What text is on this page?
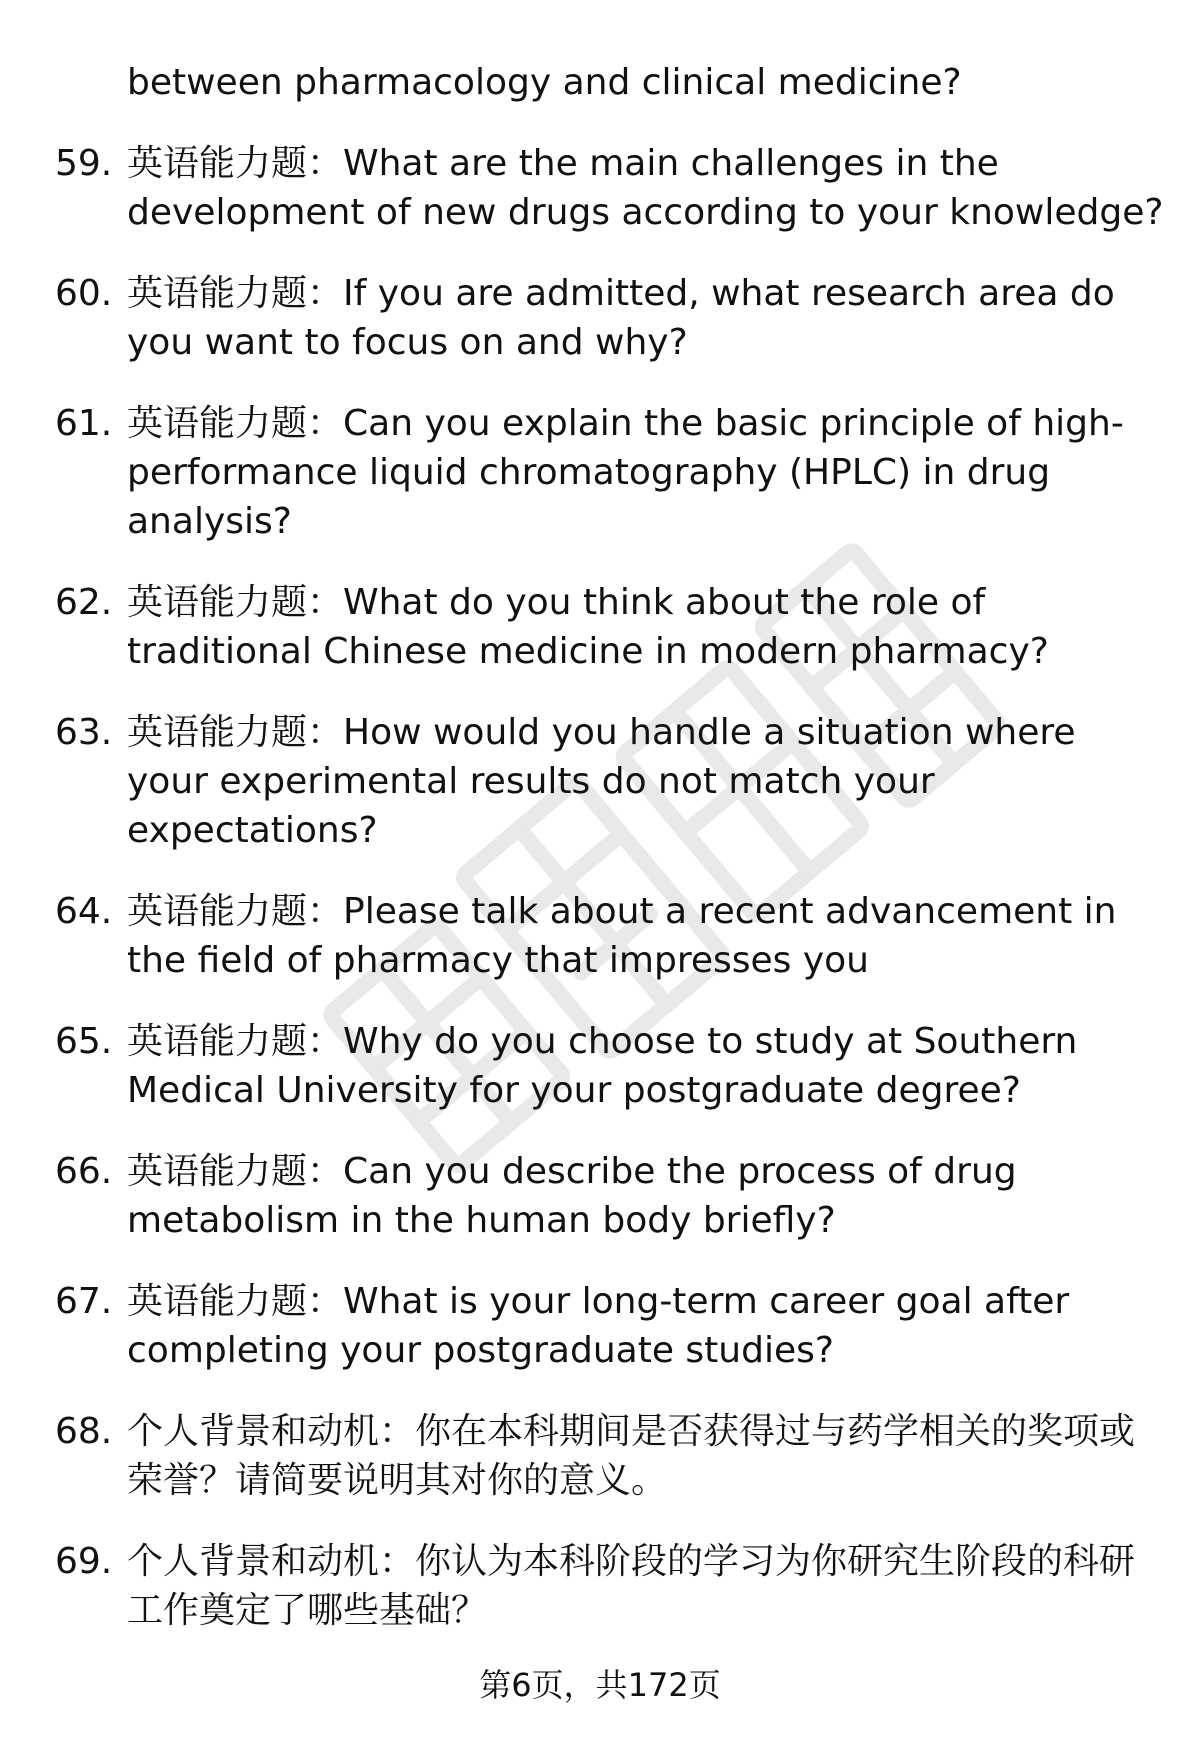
between pharmacology and clinical medicine?
59. 英语能力题：What are the main challenges in the development of new drugs according to your knowledge?
60. 英语能力题：If you are admitted, what research area do you want to focus on and why?
61. 英语能力题：Can you explain the basic principle of high-performance liquid chromatography (HPLC) in drug analysis?
62. 英语能力题：What do you think about the role of traditional Chinese medicine in modern pharmacy?
63. 英语能力题：How would you handle a situation where your experimental results do not match your expectations?
64. 英语能力题：Please talk about a recent advancement in the field of pharmacy that impresses you
65. 英语能力题：Why do you choose to study at Southern Medical University for your postgraduate degree?
66. 英语能力题：Can you describe the process of drug metabolism in the human body briefly?
67. 英语能力题：What is your long-term career goal after completing your postgraduate studies?
68. 个人背景和动机：你在本科期间是否获得过与药学相关的奖项或荣誉？请简要说明其对你的意义。
69. 个人背景和动机：你认为本科阶段的学习为你研究生阶段的科研工作奠定了哪些基础？
第6页，共172页
